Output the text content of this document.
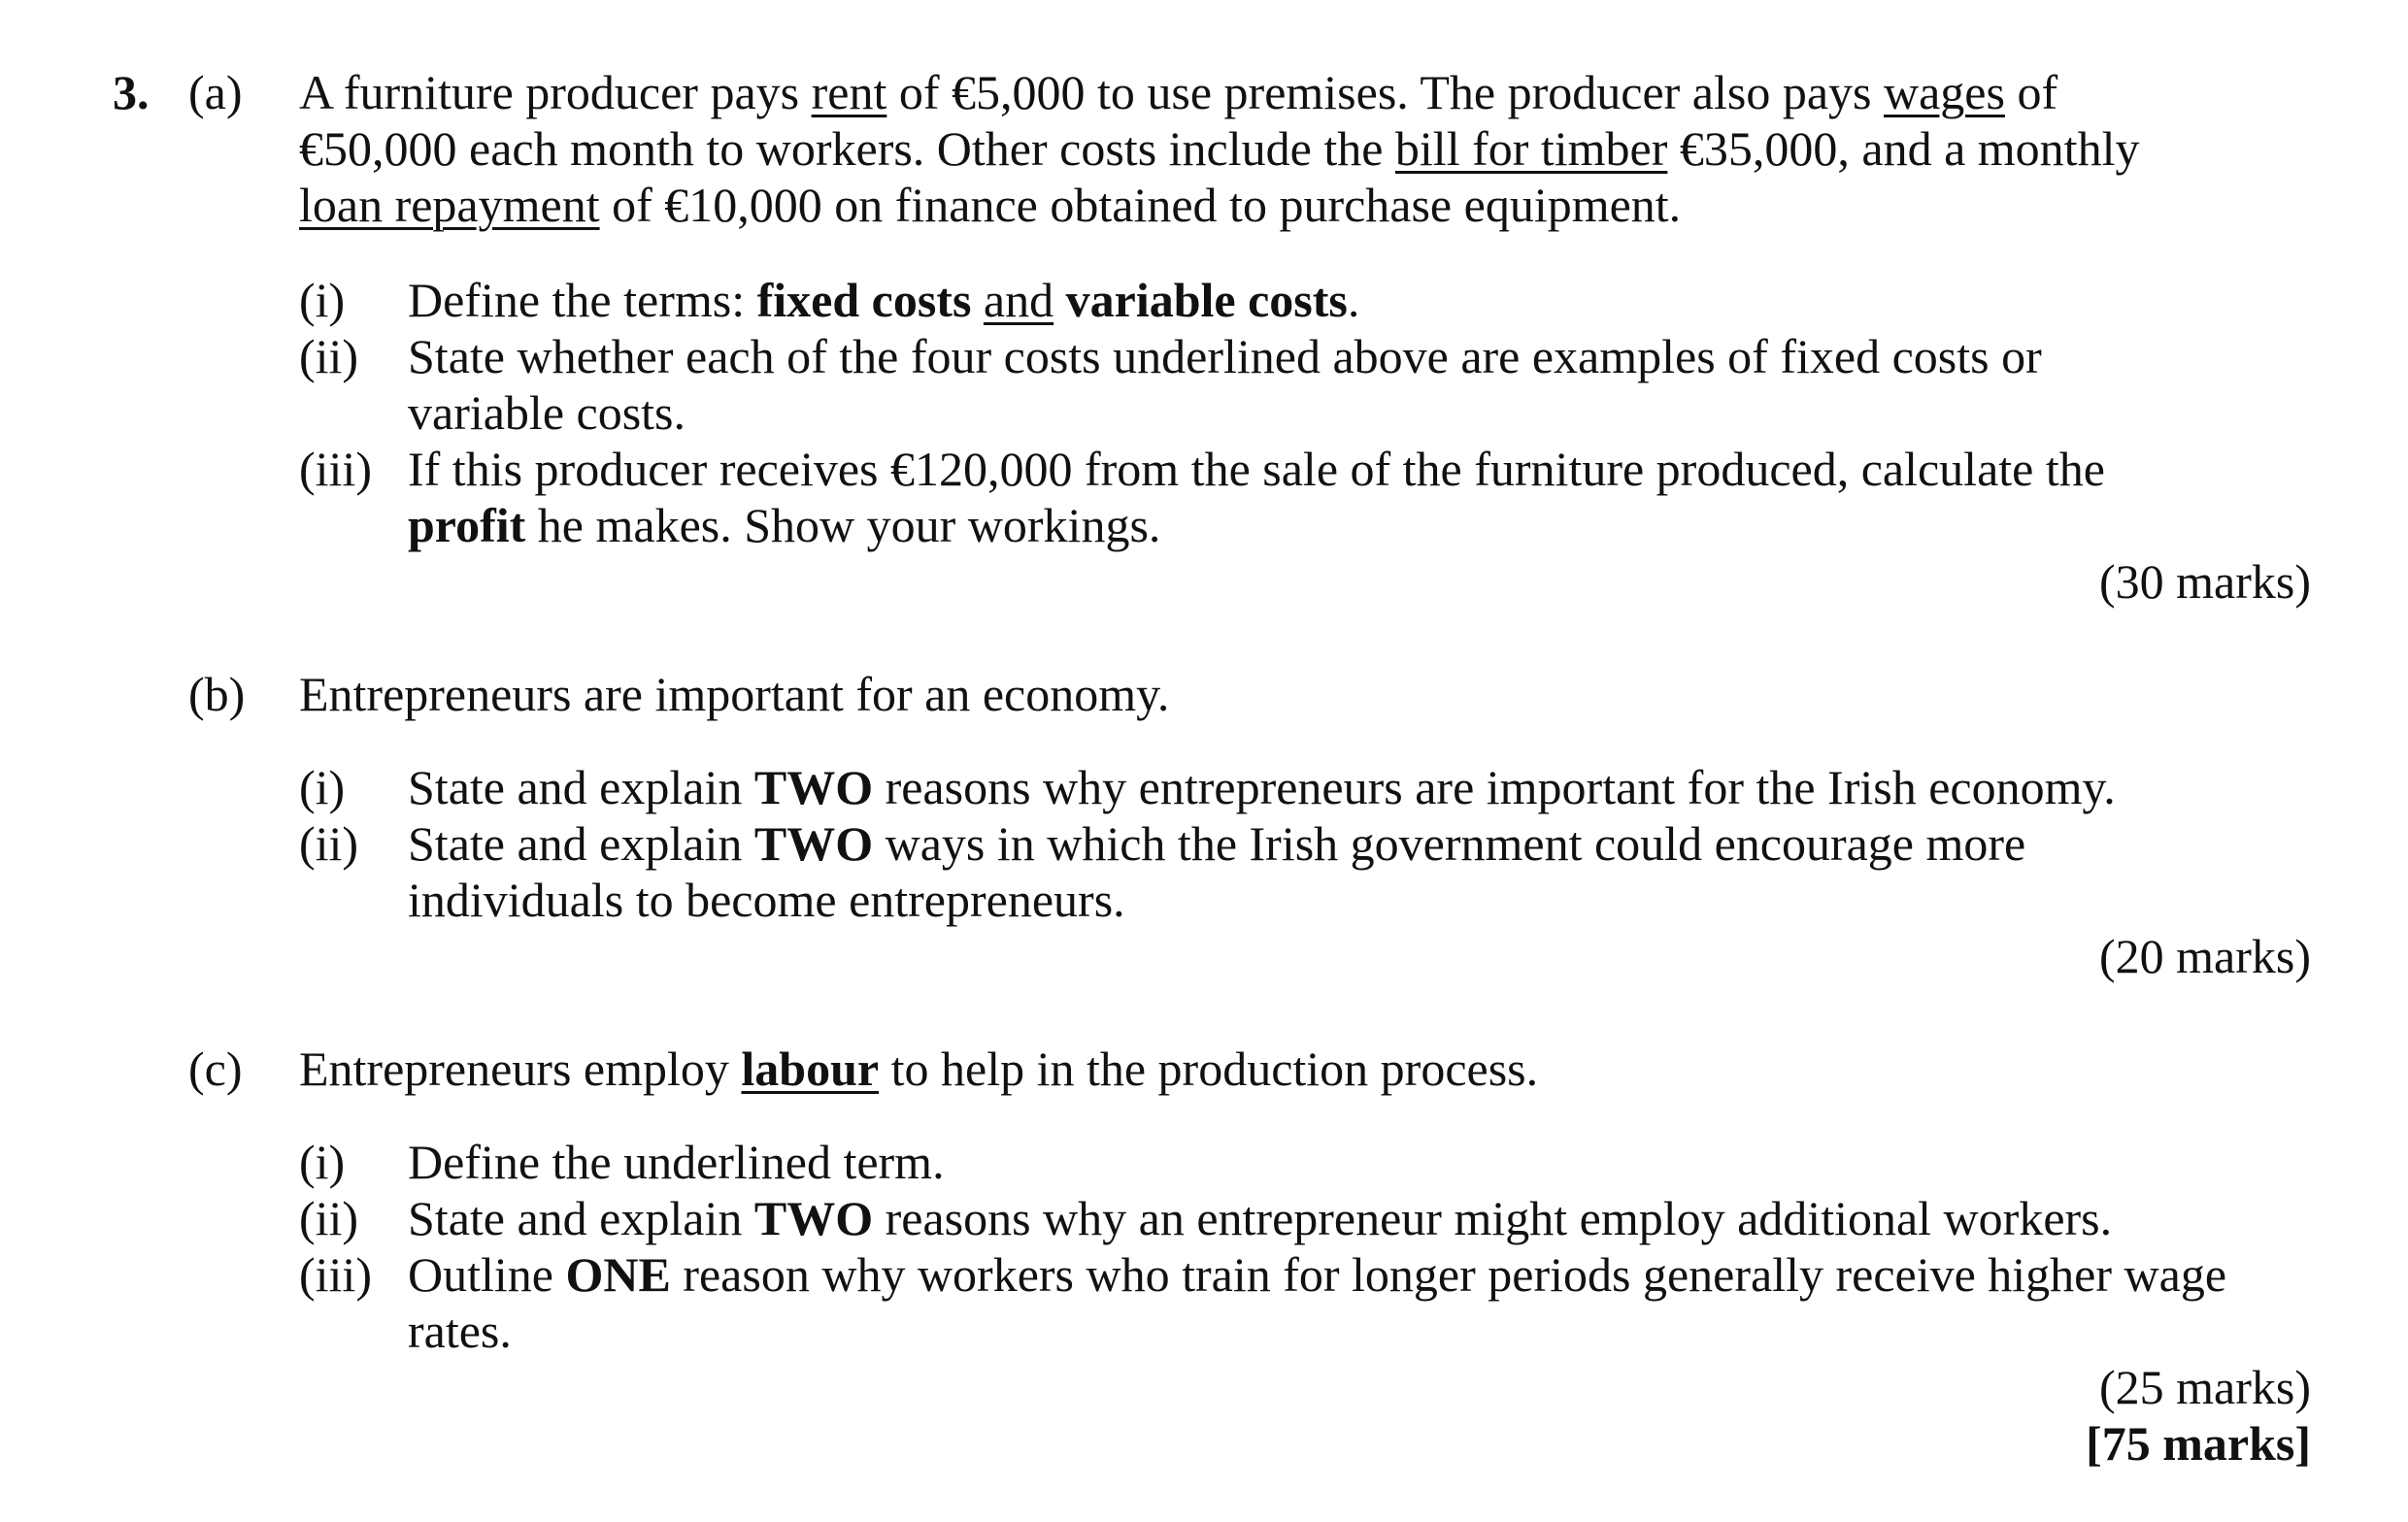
3. (a) A furniture producer pays rent of €5,000 to use premises. The producer also pays wages of
€50,000 each month to workers. Other costs include the bill for timber €35,000, and a monthly
loan repayment of €10,000 on finance obtained to purchase equipment.
(i) Define the terms: fixed costs and variable costs.
(ii) State whether each of the four costs underlined above are examples of fixed costs or
variable costs.
(iii) If this producer receives €120,000 from the sale of the furniture produced, calculate the
profit he makes. Show your workings.
(30 marks)
(b) Entrepreneurs are important for an economy.
(i) State and explain TWO reasons why entrepreneurs are important for the Irish economy.
(ii) State and explain TWO ways in which the Irish government could encourage more
individuals to become entrepreneurs.
(20 marks)
(c) Entrepreneurs employ labour to help in the production process.
(i) Define the underlined term.
(ii) State and explain TWO reasons why an entrepreneur might employ additional workers.
(iii) Outline ONE reason why workers who train for longer periods generally receive higher wage
rates.
(25 marks)
[75 marks]
